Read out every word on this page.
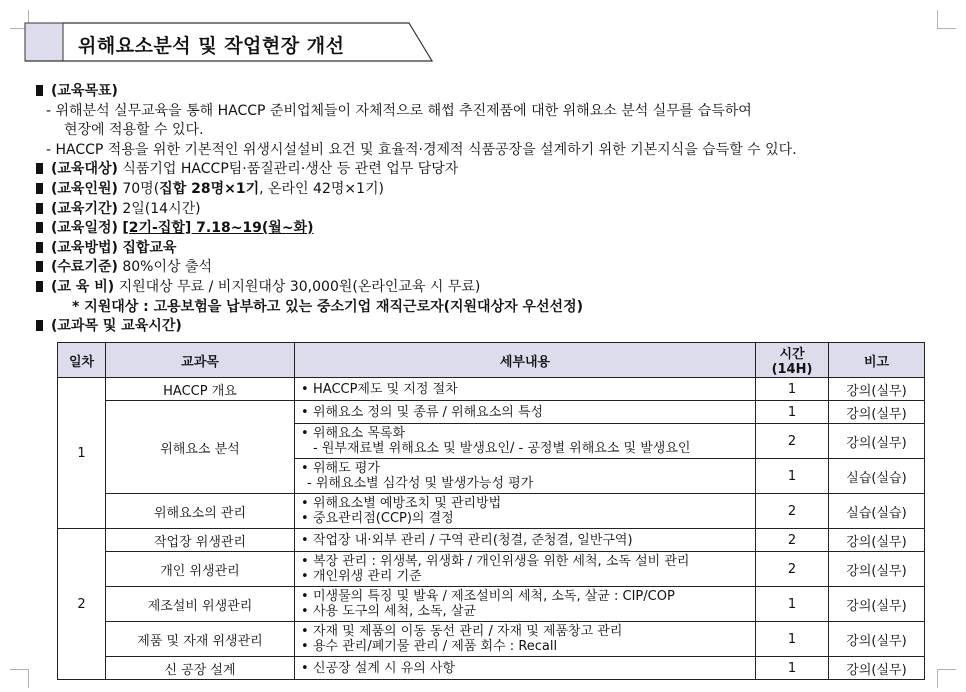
위해요소분석 및 작업현장 개선
(교육목표)
- 위해분석 실무교육을 통해 HACCP 준비업체들이 자체적으로 해썹 추진제품에 대한 위해요소 분석 실무를 습득하여
현장에 적용할 수 있다.
- HACCP 적용을 위한 기본적인 위생시설설비 요건 및 효율적·경제적 식품공장을 설계하기 위한 기본지식을 습득할 수 있다.
(교육대상) 식품기업 HACCP팀·품질관리·생산 등 관련 업무 담당자
(교육인원) 70명(집합 28명×1기, 온라인 42명×1기)
(교육기간) 2일(14시간)
(교육일정) [2기-집합] 7.18~19(월~화)
(교육방법) 집합교육
(수료기준) 80%이상 출석
(교 육 비) 지원대상 무료 / 비지원대상 30,000원(온라인교육 시 무료)
* 지원대상 : 고용보험을 납부하고 있는 중소기업 재직근로자(지원대상자 우선선정)
(교과목 및 교육시간)
일차	교과목	세부내용	시간(14H)	비고
1	HACCP 개요	• HACCP제도 및 지정 절차	1	강의(실무)
	위해요소 분석	• 위해요소 정의 및 종류 / 위해요소의 특성	1	강의(실무)

		• 위해요소 목록화
- 원부재료별 위해요소 및 발생요인/ - 공정별 위해요소 및 발생요인	2	강의(실무)

		• 위해도 평가
- 위해요소별 심각성 및 발생가능성 평가	1	실습(실습)
	위해요소의 관리	• 위해요소별 예방조치 및 관리방법
• 중요관리점(CCP)의 결정	2	실습(실습)
2	작업장 위생관리	• 작업장 내·외부 관리 / 구역 관리(청결, 준청결, 일반구역)	2	강의(실무)
	개인 위생관리	• 복장 관리 : 위생복, 위생화 / 개인위생을 위한 세척, 소독 설비 관리
• 개인위생 관리 기준	2	강의(실무)
	제조설비 위생관리	• 미생물의 특징 및 발육 / 제조설비의 세척, 소독, 살균 : CIP/COP
• 사용 도구의 세척, 소독, 살균	1	강의(실무)
	제품 및 자재 위생관리	• 자재 및 제품의 이동 동선 관리 / 자재 및 제품창고 관리
• 용수 관리/폐기물 관리 / 제품 회수 : Recall	1	강의(실무)
	신 공장 설계	• 신공장 설계 시 유의 사항	1	강의(실무)
